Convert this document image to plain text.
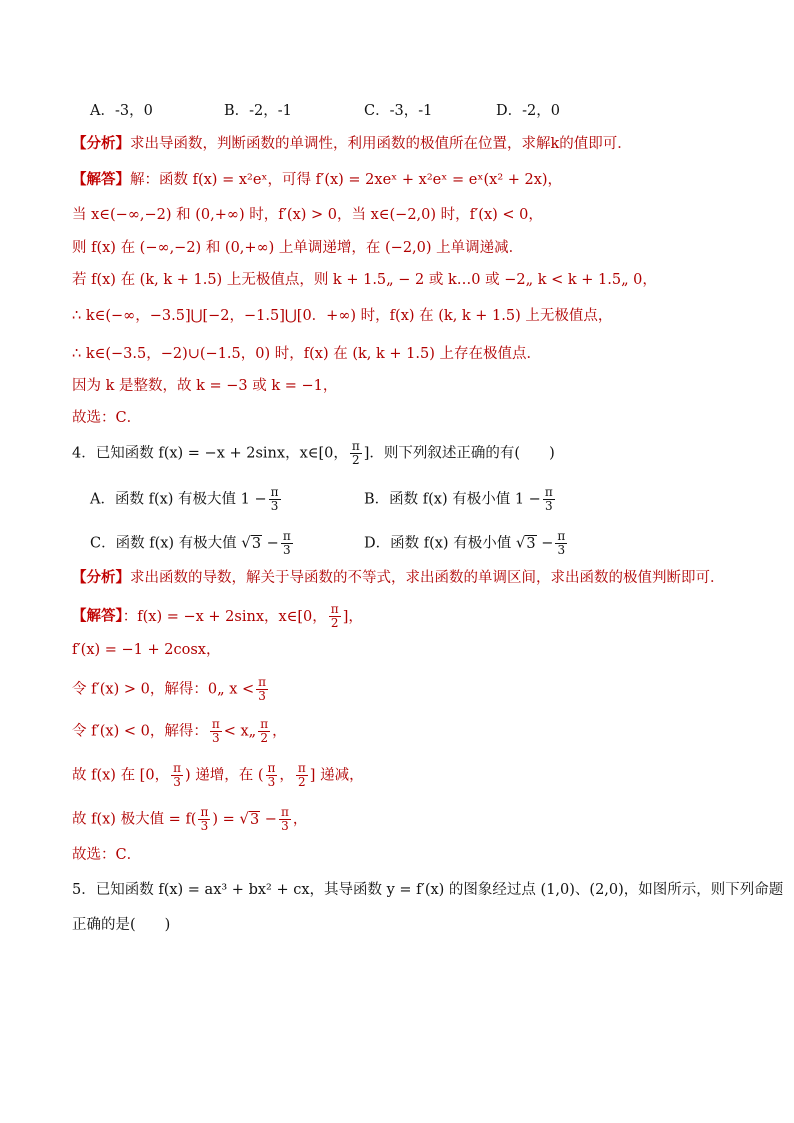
A．-3，0	B．-2，-1	C．-3，-1	D．-2，0
【分析】求出导函数，判断函数的单调性，利用函数的极值所在位置，求解k的值即可．
【解答】解：函数 f(x) = x²eˣ，可得 f′(x) = 2xeˣ + x²eˣ = eˣ(x² + 2x)，
当 x∈(−∞,−2) 和 (0,+∞) 时，f′(x) > 0，当 x∈(−2,0) 时，f′(x) < 0，
则 f(x) 在 (−∞,−2) 和 (0,+∞) 上单调递增，在 (−2,0) 上单调递减．
若 f(x) 在 (k, k + 1.5) 上无极值点，则 k + 1.5„ − 2 或 k…0 或 −2„ k < k + 1.5„ 0，
∴ k∈(−∞，−3.5]⋃[−2，−1.5]⋃[0．+∞) 时，f(x) 在 (k, k + 1.5) 上无极值点，
∴ k∈(−3.5，−2)∪(−1.5，0) 时，f(x) 在 (k, k + 1.5) 上存在极值点．
因为 k 是整数，故 k = −3 或 k = −1，
故选：C．
4．已知函数 f(x) = −x + 2sinx，x∈[0， $\frac{\pi}{2}$ ]．则下列叙述正确的有(　　)
A．函数 f(x) 有极大值 $1 - \frac{\pi}{3}$	B．函数 f(x) 有极小值 $1 - \frac{\pi}{3}$
C．函数 f(x) 有极大值 $√3 - \frac{\pi}{3}$	D．函数 f(x) 有极小值 $√3 - \frac{\pi}{3}$
【分析】求出函数的导数，解关于导函数的不等式，求出函数的单调区间，求出函数的极值判断即可．
【解答】：f(x) = −x + 2sinx，x∈[0， $\frac{\pi}{2}$ ]，
f′(x) = −1 + 2cosx，
令 f′(x) > 0，解得：0„ $x < \frac{\pi}{3}$
令 f′(x) < 0，解得： $\frac{\pi}{3}$ < x„ $\frac{\pi}{2}$ ，
故 f(x) 在 [0， $\frac{\pi}{3}$ ) 递增，在 ( $\frac{\pi}{3}$ ， $\frac{\pi}{2}$ ] 递减，
故 f(x) 极大值 = $f( \frac{\pi}{3}$ ) = $√3 - \frac{\pi}{3}$ ，
故选：C．
5．已知函数 f(x) = ax³ + bx² + cx，其导函数 y = f′(x) 的图象经过点 (1,0)、(2,0)，如图所示，则下列命题
正确的是(　　)
